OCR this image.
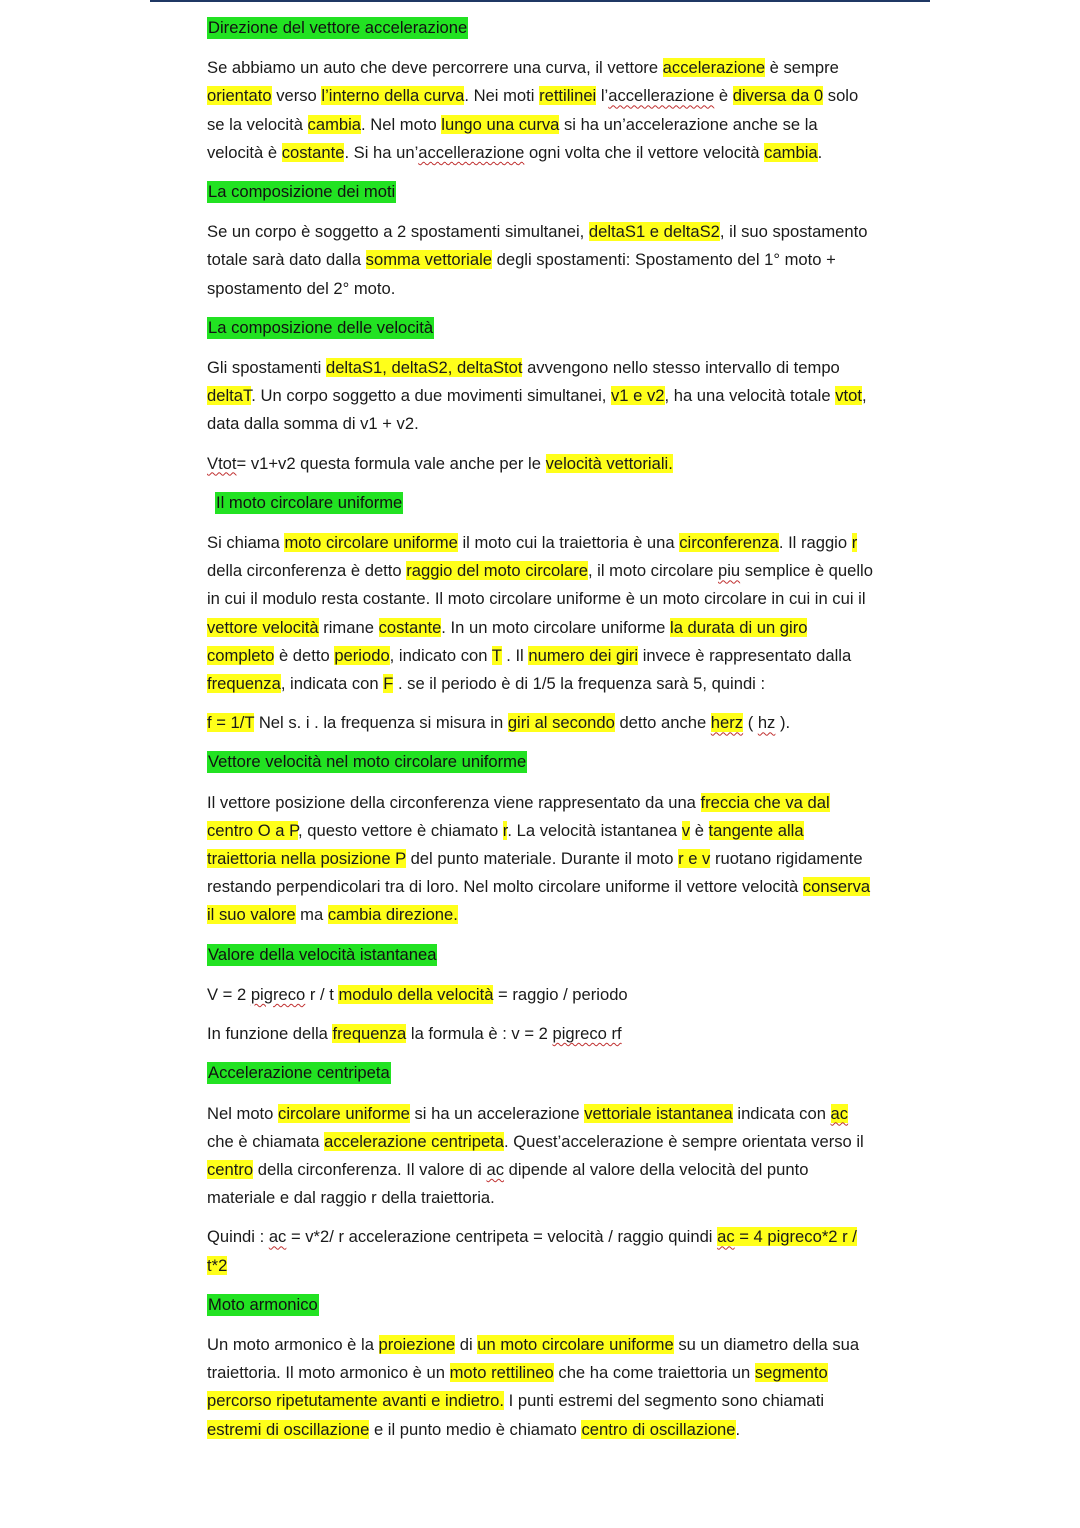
Direzione del vettore accelerazione

Se abbiamo un auto che deve percorrere una curva, il vettore accelerazione è sempre orientato verso l’interno della curva. Nei moti rettilinei l’accellerazione è diversa da 0 solo se la velocità cambia. Nel moto lungo una curva si ha un’accelerazione anche se la velocità è costante. Si ha un’accellerazione ogni volta che il vettore velocità cambia.

La composizione dei moti

Se un corpo è soggetto a 2 spostamenti simultanei, deltaS1 e deltaS2, il suo spostamento totale sarà dato dalla somma vettoriale degli spostamenti: Spostamento del 1° moto + spostamento del 2° moto.

La composizione delle velocità

Gli spostamenti deltaS1, deltaS2, deltaStot avvengono nello stesso intervallo di tempo deltaT. Un corpo soggetto a due movimenti simultanei, v1 e v2, ha una velocità totale vtot, data dalla somma di v1 + v2.

Vtot= v1+v2 questa formula vale anche per le velocità vettoriali.

Il moto circolare uniforme

Si chiama moto circolare uniforme il moto cui la traiettoria è una circonferenza. Il raggio r della circonferenza è detto raggio del moto circolare, il moto circolare piu semplice è quello in cui il modulo resta costante. Il moto circolare uniforme è un moto circolare in cui in cui il vettore velocità rimane costante. In un moto circolare uniforme la durata di un giro completo è detto periodo, indicato con T . Il numero dei giri invece è rappresentato dalla frequenza, indicata con F . se il periodo è di 1/5 la frequenza sarà 5, quindi :

f = 1/T Nel s. i . la frequenza si misura in giri al secondo detto anche herz ( hz ).

Vettore velocità nel moto circolare uniforme

Il vettore posizione della circonferenza viene rappresentato da una freccia che va dal centro O a P, questo vettore è chiamato r. La velocità istantanea v è tangente alla traiettoria nella posizione P del punto materiale. Durante il moto r e v ruotano rigidamente restando perpendicolari tra di loro. Nel molto circolare uniforme il vettore velocità conserva il suo valore ma cambia direzione.

Valore della velocità istantanea

V = 2 pigreco r / t modulo della velocità = raggio / periodo

In funzione della frequenza la formula è : v = 2 pigreco rf

Accelerazione centripeta

Nel moto circolare uniforme si ha un accelerazione vettoriale istantanea indicata con ac che è chiamata accelerazione centripeta. Quest’accelerazione è sempre orientata verso il centro della circonferenza. Il valore di ac dipende al valore della velocità del punto materiale e dal raggio r della traiettoria.

Quindi : ac = v*2/ r accelerazione centripeta = velocità / raggio quindi ac = 4 pigreco*2 r / t*2

Moto armonico

Un moto armonico è la proiezione di un moto circolare uniforme su un diametro della sua traiettoria. Il moto armonico è un moto rettilineo che ha come traiettoria un segmento percorso ripetutamente avanti e indietro. I punti estremi del segmento sono chiamati estremi di oscillazione e il punto medio è chiamato centro di oscillazione.
